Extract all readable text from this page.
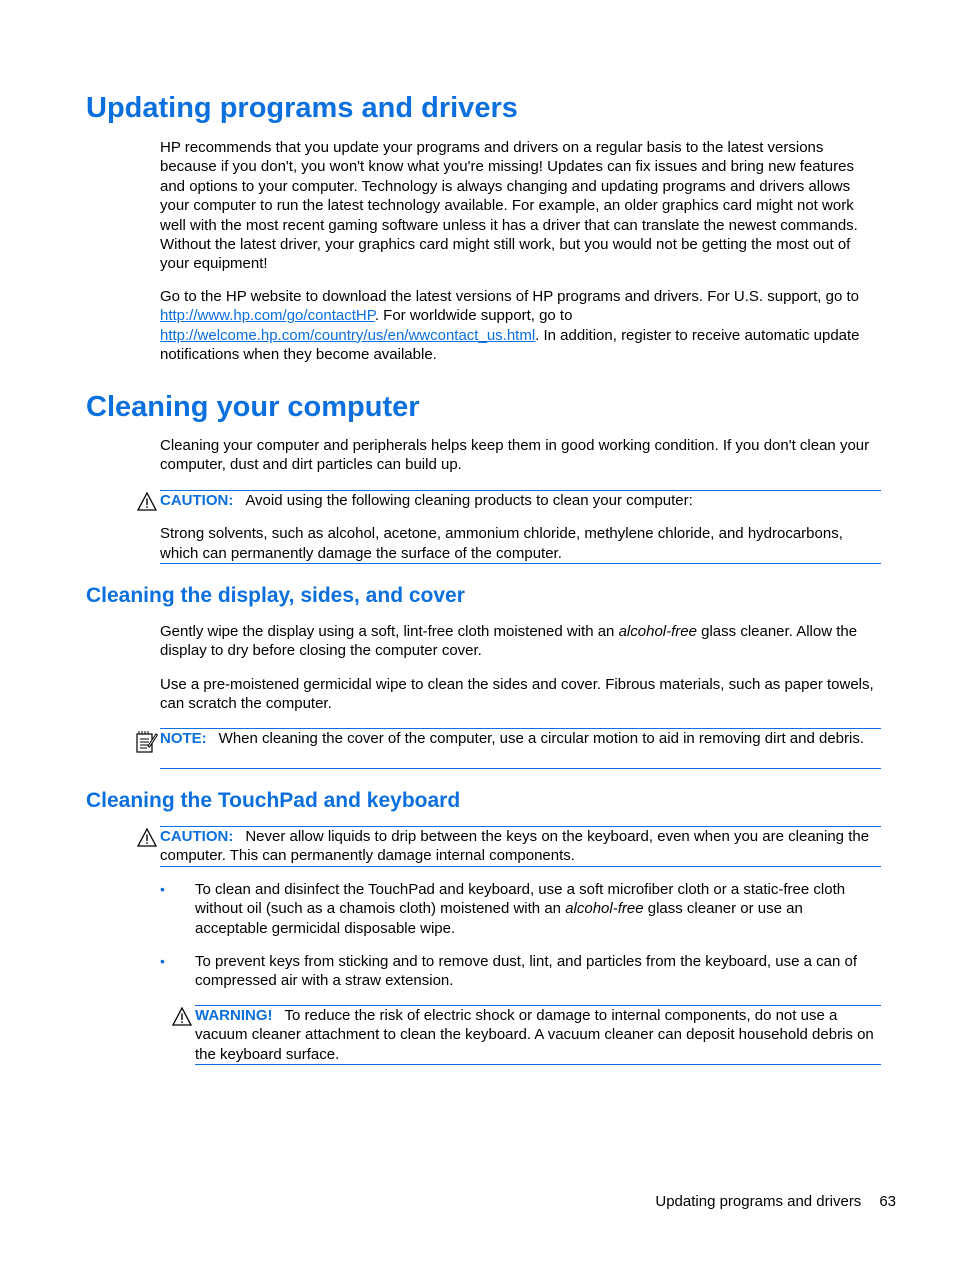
Updating programs and drivers

HP recommends that you update your programs and drivers on a regular basis to the latest versions because if you don't, you won't know what you're missing! Updates can fix issues and bring new features and options to your computer. Technology is always changing and updating programs and drivers allows your computer to run the latest technology available. For example, an older graphics card might not work well with the most recent gaming software unless it has a driver that can translate the newest commands. Without the latest driver, your graphics card might still work, but you would not be getting the most out of your equipment!

Go to the HP website to download the latest versions of HP programs and drivers. For U.S. support, go to http://www.hp.com/go/contactHP. For worldwide support, go to http://welcome.hp.com/country/us/en/wwcontact_us.html. In addition, register to receive automatic update notifications when they become available.

Cleaning your computer

Cleaning your computer and peripherals helps keep them in good working condition. If you don't clean your computer, dust and dirt particles can build up.

CAUTION: Avoid using the following cleaning products to clean your computer:
Strong solvents, such as alcohol, acetone, ammonium chloride, methylene chloride, and hydrocarbons, which can permanently damage the surface of the computer.
Cleaning the display, sides, and cover

Gently wipe the display using a soft, lint-free cloth moistened with an alcohol-free glass cleaner. Allow the display to dry before closing the computer cover.

Use a pre-moistened germicidal wipe to clean the sides and cover. Fibrous materials, such as paper towels, can scratch the computer.

NOTE: When cleaning the cover of the computer, use a circular motion to aid in removing dirt and debris.
Cleaning the TouchPad and keyboard
CAUTION: Never allow liquids to drip between the keys on the keyboard, even when you are cleaning the computer. This can permanently damage internal components.
• To clean and disinfect the TouchPad and keyboard, use a soft microfiber cloth or a static-free cloth without oil (such as a chamois cloth) moistened with an alcohol-free glass cleaner or use an acceptable germicidal disposable wipe.

• To prevent keys from sticking and to remove dust, lint, and particles from the keyboard, use a can of compressed air with a straw extension.

WARNING! To reduce the risk of electric shock or damage to internal components, do not use a vacuum cleaner attachment to clean the keyboard. A vacuum cleaner can deposit household debris on the keyboard surface.
Updating programs and drivers 63
